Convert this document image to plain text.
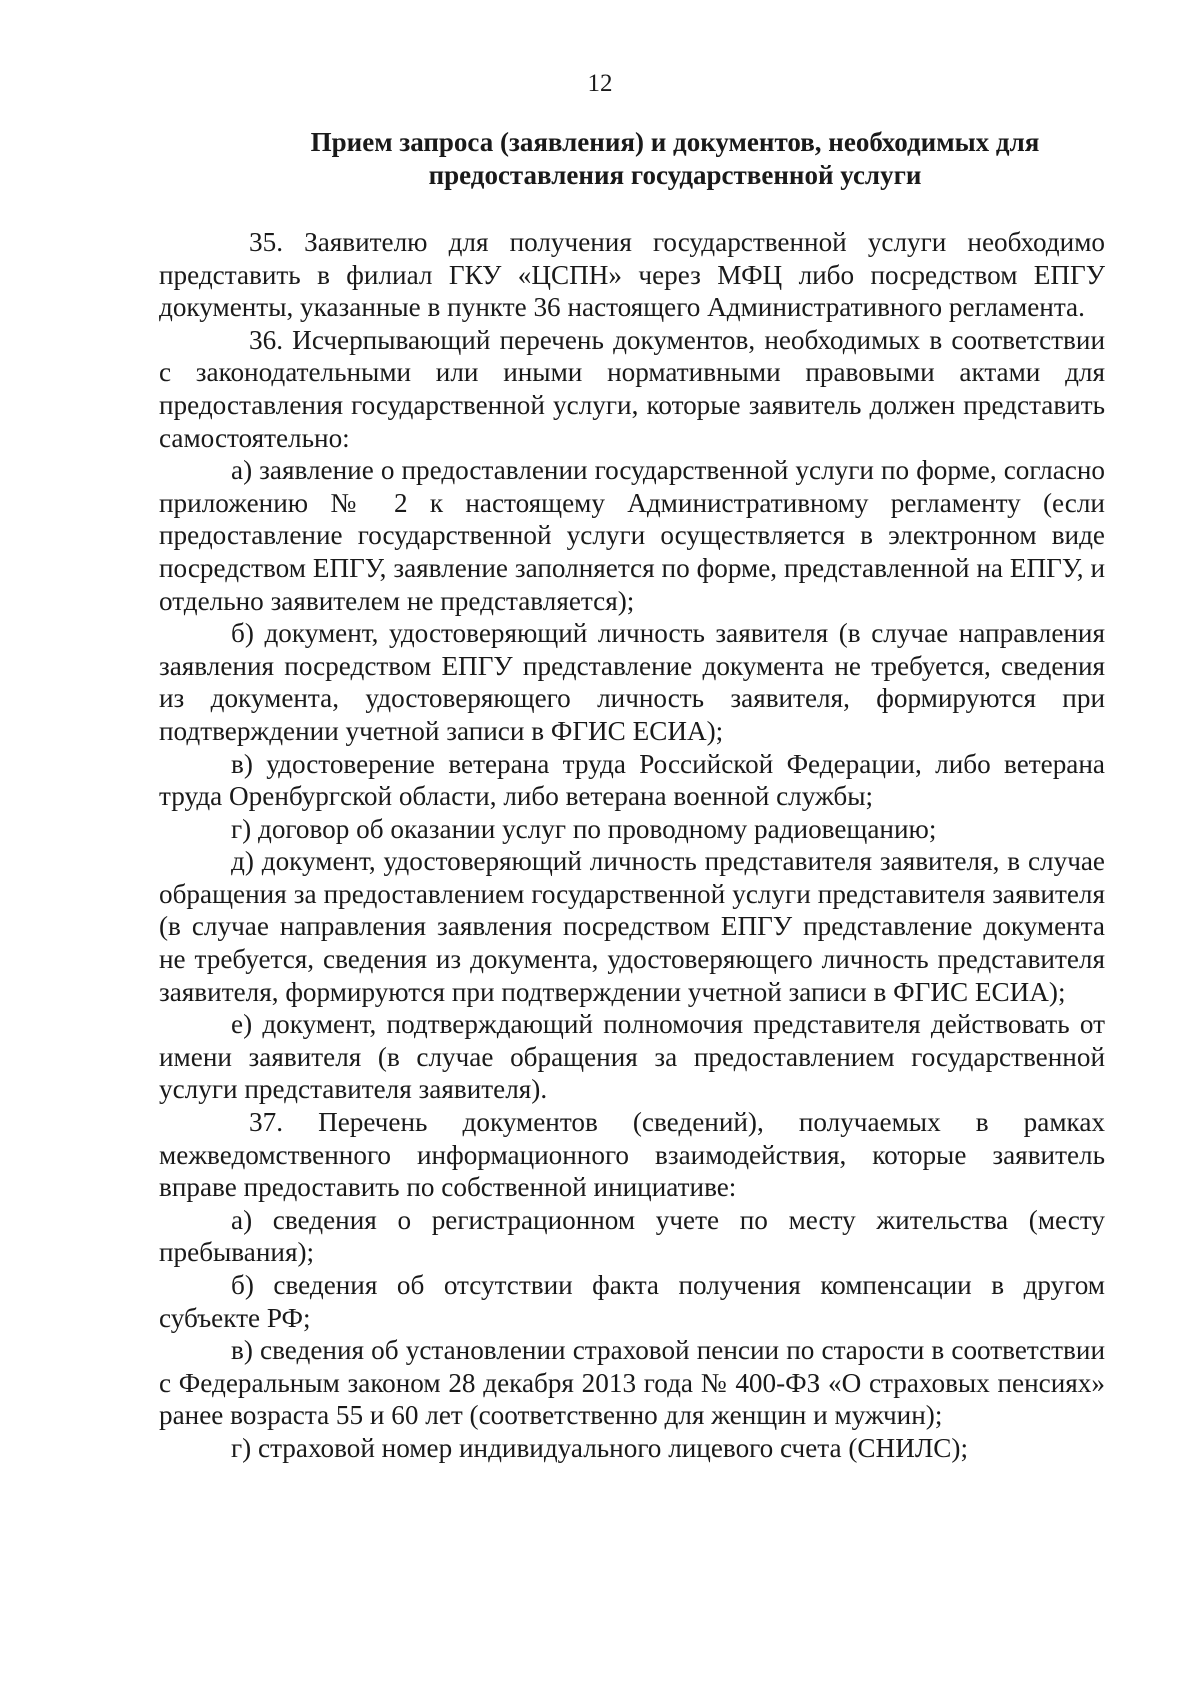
12
Прием запроса (заявления) и документов, необходимых для
предоставления государственной услуги

35. Заявителю для получения государственной услуги необходимо представить в филиал ГКУ «ЦСПН» через МФЦ либо посредством ЕПГУ документы, указанные в пункте 36 настоящего Административного регламента.

36. Исчерпывающий перечень документов, необходимых в соответствии с законодательными или иными нормативными правовыми актами для предоставления государственной услуги, которые заявитель должен представить самостоятельно:

а) заявление о предоставлении государственной услуги по форме, согласно приложению № 2 к настоящему Административному регламенту (если предоставление государственной услуги осуществляется в электронном виде посредством ЕПГУ, заявление заполняется по форме, представленной на ЕПГУ, и отдельно заявителем не представляется);

б) документ, удостоверяющий личность заявителя (в случае направления заявления посредством ЕПГУ представление документа не требуется, сведения из документа, удостоверяющего личность заявителя, формируются при подтверждении учетной записи в ФГИС ЕСИА);

в) удостоверение ветерана труда Российской Федерации, либо ветерана труда Оренбургской области, либо ветерана военной службы;

г) договор об оказании услуг по проводному радиовещанию;

д) документ, удостоверяющий личность представителя заявителя, в случае обращения за предоставлением государственной услуги представителя заявителя (в случае направления заявления посредством ЕПГУ представление документа не требуется, сведения из документа, удостоверяющего личность представителя заявителя, формируются при подтверждении учетной записи в ФГИС ЕСИА);

е) документ, подтверждающий полномочия представителя действовать от имени заявителя (в случае обращения за предоставлением государственной услуги представителя заявителя).

37. Перечень документов (сведений), получаемых в рамках межведомственного информационного взаимодействия, которые заявитель вправе предоставить по собственной инициативе:

а) сведения о регистрационном учете по месту жительства (месту пребывания);

б) сведения об отсутствии факта получения компенсации в другом субъекте РФ;

в) сведения об установлении страховой пенсии по старости в соответствии с Федеральным законом 28 декабря 2013 года № 400-ФЗ «О страховых пенсиях» ранее возраста 55 и 60 лет (соответственно для женщин и мужчин);

г) страховой номер индивидуального лицевого счета (СНИЛС);
